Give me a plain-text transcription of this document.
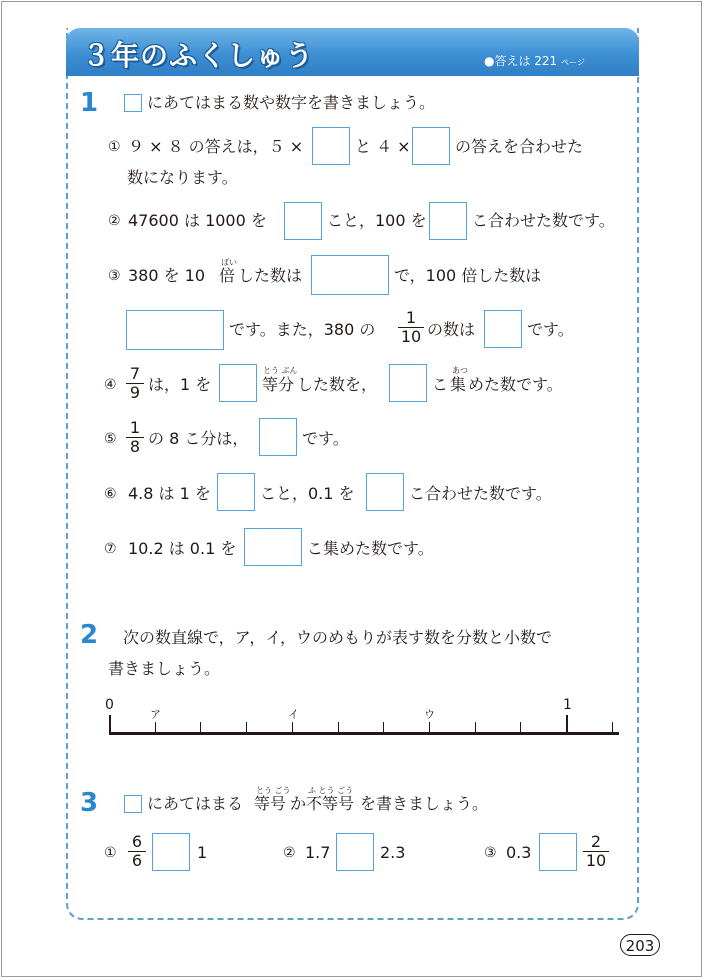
３年のふくしゅう	●答えは 221 ページ
1	にあてはまる数や数字を書きましょう。
① ９ × ８ の答えは，５ ×	と ４ ×	の答えを合わせた
数になります。
② 47600 は 1000 を	こと，100 を	こ合わせた数です。
③ 380 を 10
ばい
倍 した数は	で，100 倍した数は
です。また，380 の $\frac{1}{10}$ の数は	です。
④ $\frac{7}{9}$ は，1 を
とう ぶん
等分 した数を，	こ
あつ
集 めた数です。
⑤ $\frac{1}{8}$ の 8 こ分は，	です。
⑥ 4.8 は 1 を	こと，0.1 を	こ合わせた数です。
⑦ 10.2 は 0.1 を	こ集めた数です。
2 次の数直線で，ア，イ，ウのめもりが表す数を分数と小数で
書きましょう。
0	1
ア	イ	ウ
3	にあてはまる
とう ごう
等号 か
ふ とう ごう
不等号 を書きましょう。
① $\frac{6}{6}$	1	② 1.7	2.3	③ 0.3	$\frac{2}{10}$
203
